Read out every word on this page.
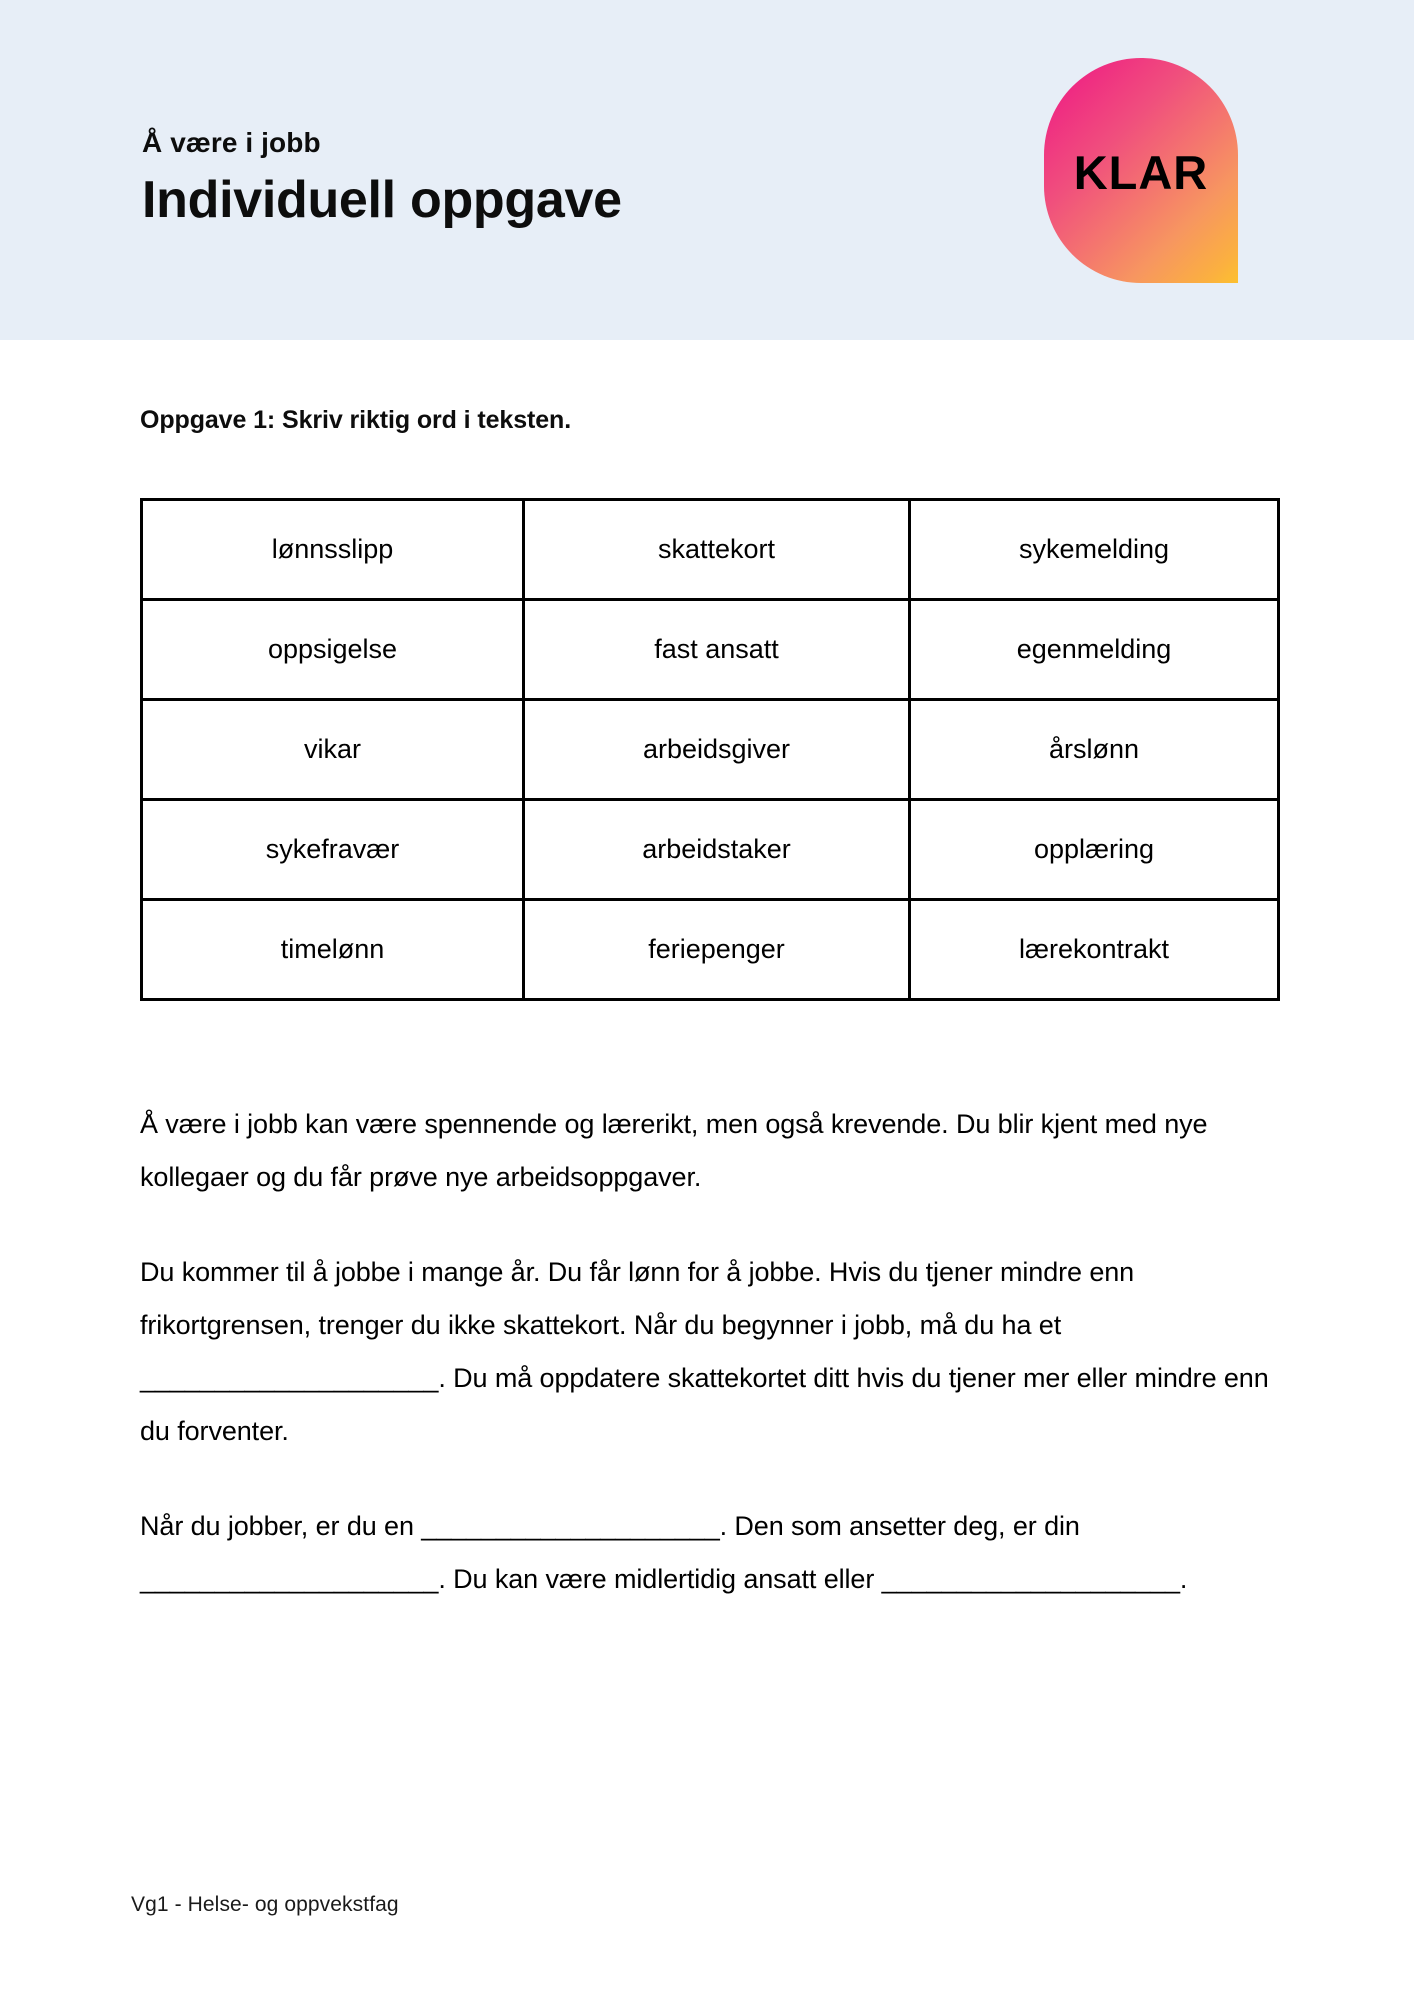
Å være i jobb
Individuell oppgave	KLAR
Oppgave 1: Skriv riktig ord i teksten.
lønnsslipp	skattekort	sykemelding
oppsigelse	fast ansatt	egenmelding
vikar	arbeidsgiver	årslønn
sykefravær	arbeidstaker	opplæring
timelønn	feriepenger	lærekontrakt

Å være i jobb kan være spennende og lærerikt, men også krevende. Du blir kjent med nye kollegaer og du får prøve nye arbeidsoppgaver.

Du kommer til å jobbe i mange år. Du får lønn for å jobbe. Hvis du tjener mindre enn frikortgrensen, trenger du ikke skattekort. Når du begynner i jobb, må du ha et ____________________. Du må oppdatere skattekortet ditt hvis du tjener mer eller mindre enn du forventer.

Når du jobber, er du en ____________________. Den som ansetter deg, er din ____________________. Du kan være midlertidig ansatt eller ____________________.

Vg1 - Helse- og oppvekstfag
